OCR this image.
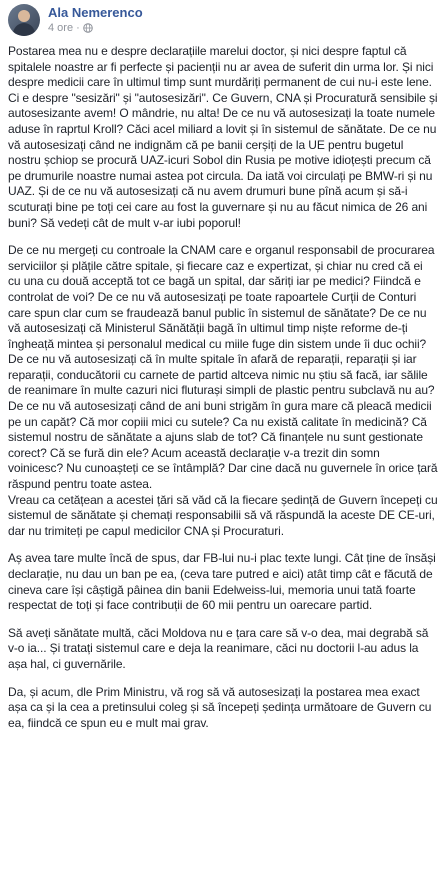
Ala Nemerenco
4 ore ·

Postarea mea nu e despre declarațiile marelui doctor, și nici despre faptul că spitalele noastre ar fi perfecte și pacienții nu ar avea de suferit din urma lor. Și nici despre medicii care în ultimul timp sunt murdăriți permanent de cui nu-i este lene. Ci e despre "sesizări" și "autosesizări". Ce Guvern, CNA și Procuratură sensibile și autosesizante avem! O mândrie, nu alta! De ce nu vă autosesizați la toate numele aduse în raprtul Kroll? Căci acel miliard a lovit și în sistemul de sănătate. De ce nu vă autosesizați când ne indignăm că pe banii cerșiți de la UE pentru bugetul nostru șchiop se procură UAZ-icuri Sobol din Rusia pe motive idioțești precum că pe drumurile noastre numai astea pot circula. Da iată voi circulați pe BMW-ri și nu UAZ. Și de ce nu vă autosesizați că nu avem drumuri bune pînă acum și să-i scuturați bine pe toți cei care au fost la guvernare și nu au făcut nimica de 26 ani buni? Să vedeți cât de mult v-ar iubi poporul!

De ce nu mergeți cu controale la CNAM care e organul responsabil de procurarea serviciilor și plățile către spitale, și fiecare caz e expertizat, și chiar nu cred că ei cu una cu două acceptă tot ce bagă un spital, dar săriți iar pe medici? Fiindcă e controlat de voi? De ce nu vă autosesizați pe toate rapoartele Curții de Conturi care spun clar cum se fraudează banul public în sistemul de sănătate? De ce nu vă autosesizați că Ministerul Sănătății bagă în ultimul timp niște reforme de-ți îngheață mintea și personalul medical cu miile fuge din sistem unde îi duc ochii? De ce nu vă autosesizați că în multe spitale în afară de reparații, reparații și iar reparații, conducătorii cu carnete de partid altceva nimic nu știu să facă, iar sălile de reanimare în multe cazuri nici fluturași simpli de plastic pentru subclavă nu au? De ce nu vă autosesizați când de ani buni strigăm în gura mare că pleacă medicii pe un capăt? Că mor copiii mici cu sutele? Ca nu există calitate în medicină? Că sistemul nostru de sănătate a ajuns slab de tot? Că finanțele nu sunt gestionate corect? Că se fură din ele? Acum această declarație v-a trezit din somn voinicesc? Nu cunoașteți ce se întâmplă? Dar cine dacă nu guvernele în orice țară răspund pentru toate astea.
Vreau ca cetățean a acestei țări să văd că la fiecare ședință de Guvern începeți cu sistemul de sănătate și chemați responsabilii să vă răspundă la aceste DE CE-uri, dar nu trimiteți pe capul medicilor CNA și Procuraturi.

Aș avea tare multe încă de spus, dar FB-lui nu-i plac texte lungi. Cât ține de însăși declarație, nu dau un ban pe ea, (ceva tare putred e aici) atât timp cât e făcută de cineva care își câștigă pâinea din banii Edelweiss-lui, memoria unui tată foarte respectat de toți și face contribuții de 60 mii pentru un oarecare partid.

Să aveți sănătate multă, căci Moldova nu e țara care să v-o dea, mai degrabă să v-o ia... Și tratați sistemul care e deja la reanimare, căci nu doctorii l-au adus la așa hal, ci guvernările.

Da, și acum, dle Prim Ministru, vă rog să vă autosesizați la postarea mea exact așa ca și la cea a pretinsului coleg și să începeți ședința următoare de Guvern cu ea, fiindcă ce spun eu e mult mai grav.
